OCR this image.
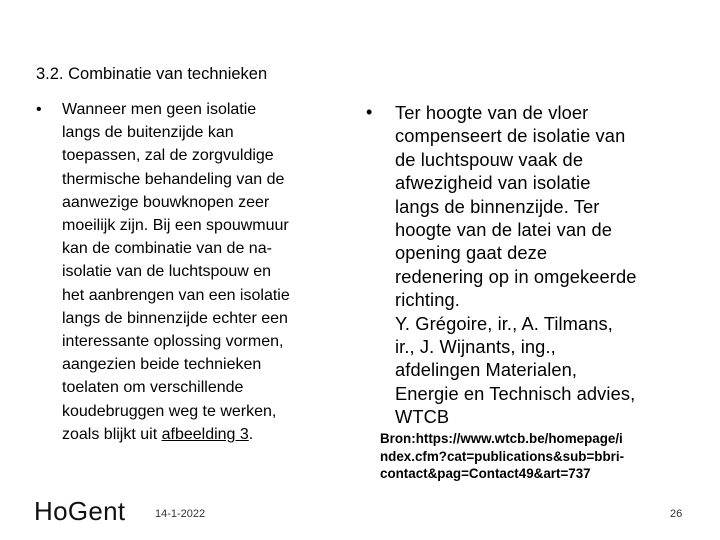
3.2. Combinatie van technieken
•	Wanneer men geen isolatie
langs de buitenzijde kan
toepassen, zal de zorgvuldige
thermische behandeling van de
aanwezige bouwknopen zeer
moeilijk zijn. Bij een spouwmuur
kan de combinatie van de na-
isolatie van de luchtspouw en
het aanbrengen van een isolatie
langs de binnenzijde echter een
interessante oplossing vormen,
aangezien beide technieken
toelaten om verschillende
koudebruggen weg te werken,
zoals blijkt uit afbeelding 3.
•	Ter hoogte van de vloer
compenseert de isolatie van
de luchtspouw vaak de
afwezigheid van isolatie
langs de binnenzijde. Ter
hoogte van de latei van de
opening gaat deze
redenering op in omgekeerde
richting.
Y. Grégoire, ir., A. Tilmans,
ir., J. Wijnants, ing.,
afdelingen Materialen,
Energie en Technisch advies,
WTCB
Bron:https://www.wtcb.be/homepage/i
ndex.cfm?cat=publications&sub=bbri-
contact&pag=Contact49&art=737
HoGent	14-1-2022	26
